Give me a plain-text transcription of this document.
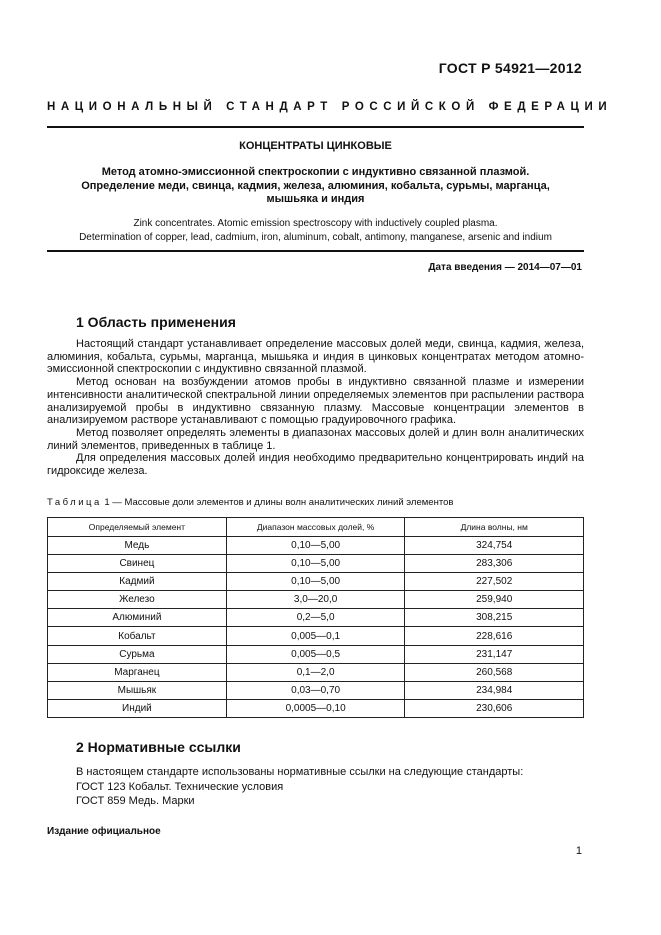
ГОСТ Р 54921—2012
НАЦИОНАЛЬНЫЙ СТАНДАРТ РОССИЙСКОЙ ФЕДЕРАЦИИ
КОНЦЕНТРАТЫ ЦИНКОВЫЕ
Метод атомно-эмиссионной спектроскопии с индуктивно связанной плазмой.
Определение меди, свинца, кадмия, железа, алюминия, кобальта, сурьмы, марганца,
мышьяка и индия
Zink concentrates. Atomic emission spectroscopy with inductively coupled plasma.
Determination of copper, lead, cadmium, iron, aluminum, cobalt, antimony, manganese, arsenic and indium
Дата введения — 2014—07—01
1 Область применения

Настоящий стандарт устанавливает определение массовых долей меди, свинца, кадмия, железа, алюминия, кобальта, сурьмы, марганца, мышьяка и индия в цинковых концентратах методом атомно-эмиссионной спектроскопии с индуктивно связанной плазмой.

Метод основан на возбуждении атомов пробы в индуктивно связанной плазме и измерении интенсивности аналитической спектральной линии определяемых элементов при распылении раствора анализируемой пробы в индуктивно связанную плазму. Массовые концентрации элементов в анализируемом растворе устанавливают с помощью градуировочного графика.

Метод позволяет определять элементы в диапазонах массовых долей и длин волн аналитических линий элементов, приведенных в таблице 1.

Для определения массовых долей индия необходимо предварительно концентрировать индий на гидроксиде железа.

Таблица 1 — Массовые доли элементов и длины волн аналитических линий элементов
Определяемый элемент	Диапазон массовых долей, %	Длина волны, нм
Медь	0,10—5,00	324,754
Свинец	0,10—5,00	283,306
Кадмий	0,10—5,00	227,502
Железо	3,0—20,0	259,940
Алюминий	0,2—5,0	308,215
Кобальт	0,005—0,1	228,616
Сурьма	0,005—0,5	231,147
Марганец	0,1—2,0	260,568
Мышьяк	0,03—0,70	234,984
Индий	0,0005—0,10	230,606
2 Нормативные ссылки
В настоящем стандарте использованы нормативные ссылки на следующие стандарты:
ГОСТ 123 Кобальт. Технические условия
ГОСТ 859 Медь. Марки
Издание официальное
1
